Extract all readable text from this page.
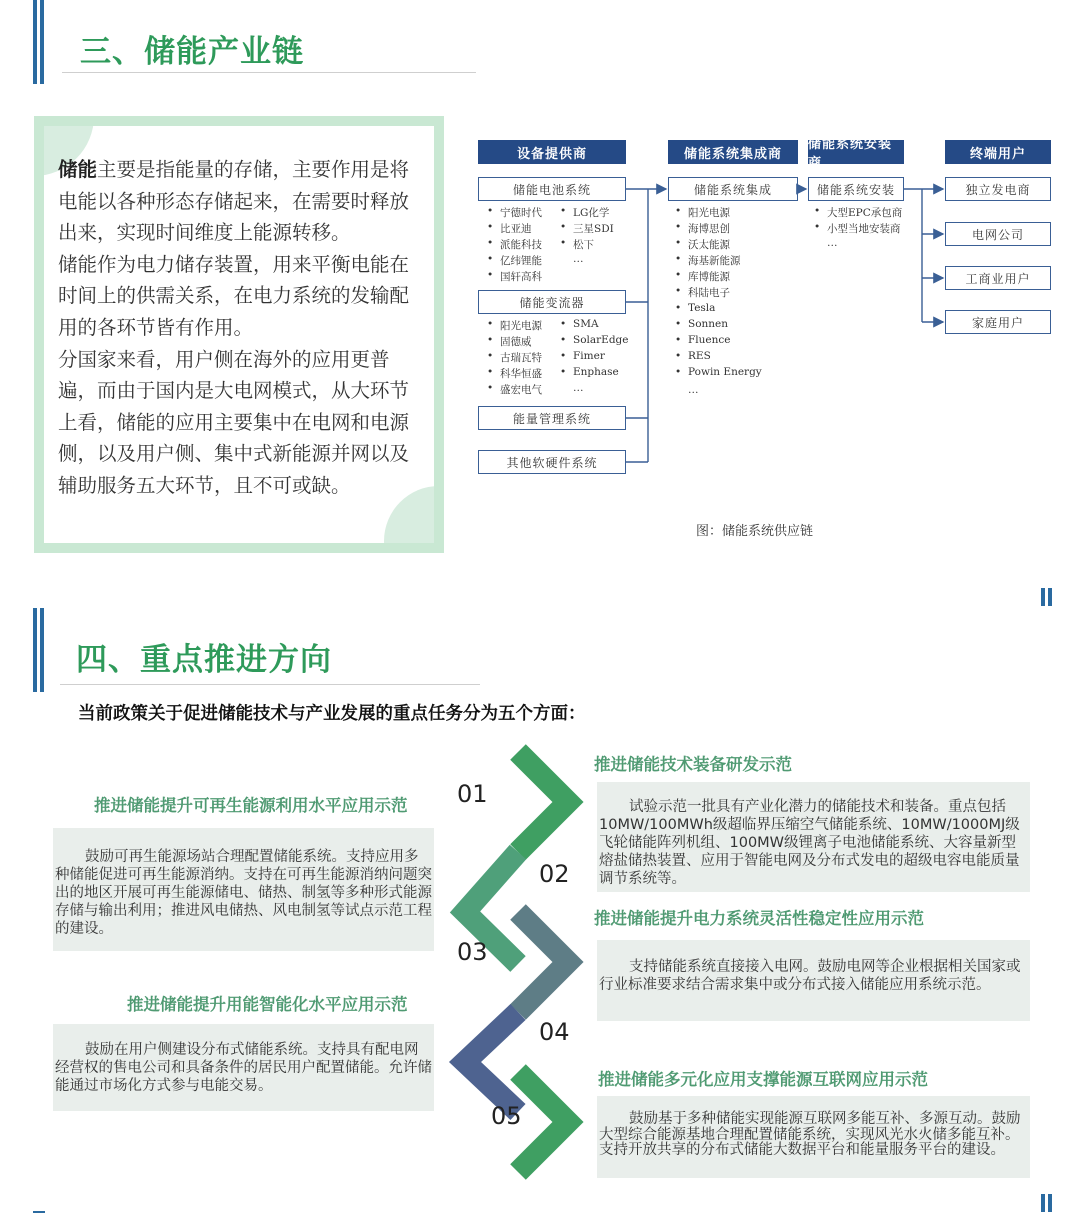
三、储能产业链
储能主要是指能量的存储，主要作用是将电能以各种形态存储起来，在需要时释放出来，实现时间维度上能源转移。
储能作为电力储存装置，用来平衡电能在时间上的供需关系，在电力系统的发输配用的各环节皆有作用。
分国家来看，用户侧在海外的应用更普遍，而由于国内是大电网模式，从大环节上看，储能的应用主要集中在电网和电源侧，以及用户侧、集中式新能源并网以及辅助服务五大环节，且不可或缺。
设备提供商	储能系统集成商
储能系统安装商
终端用户
储能电池系统
• 宁德时代
• 比亚迪
• 派能科技
• 亿纬锂能
• 国轩高科
• LG化学
• 三星SDI
• 松下
…
储能变流器
• 阳光电源
• 固德威
• 古瑞瓦特
• 科华恒盛
• 盛宏电气
• SMA
• SolarEdge
• Fimer
• Enphase
…
能量管理系统
其他软硬件系统
储能系统集成
• 阳光电源
• 海博思创
• 沃太能源
• 海基新能源
• 库博能源
• 科陆电子
• Tesla
• Sonnen
• Fluence
• RES
• Powin Energy
…
储能系统安装
• 大型EPC承包商
• 小型当地安装商
…
独立发电商
电网公司
工商业用户
家庭用户
图：储能系统供应链
四、重点推进方向
当前政策关于促进储能技术与产业发展的重点任务分为五个方面：
01
推进储能提升可再生能源利用水平应用示范
鼓励可再生能源场站合理配置储能系统。支持应用多种储能促进可再生能源消纳。支持在可再生能源消纳问题突出的地区开展可再生能源储电、储热、制氢等多种形式能源存储与输出利用；推进风电储热、风电制氢等试点示范工程的建设。
02
推进储能技术装备研发示范
试验示范一批具有产业化潜力的储能技术和装备。重点包括10MW/100MWh级超临界压缩空气储能系统、10MW/1000MJ级飞轮储能阵列机组、100MW级锂离子电池储能系统、大容量新型熔盐储热装置、应用于智能电网及分布式发电的超级电容电能质量调节系统等。
03
推进储能提升电力系统灵活性稳定性应用示范
支持储能系统直接接入电网。鼓励电网等企业根据相关国家或行业标准要求结合需求集中或分布式接入储能应用系统示范。
04
推进储能提升用能智能化水平应用示范
鼓励在用户侧建设分布式储能系统。支持具有配电网经营权的售电公司和具备条件的居民用户配置储能。允许储能通过市场化方式参与电能交易。
05
推进储能多元化应用支撑能源互联网应用示范
鼓励基于多种储能实现能源互联网多能互补、多源互动。鼓励大型综合能源基地合理配置储能系统，实现风光水火储多能互补。支持开放共享的分布式储能大数据平台和能量服务平台的建设。
